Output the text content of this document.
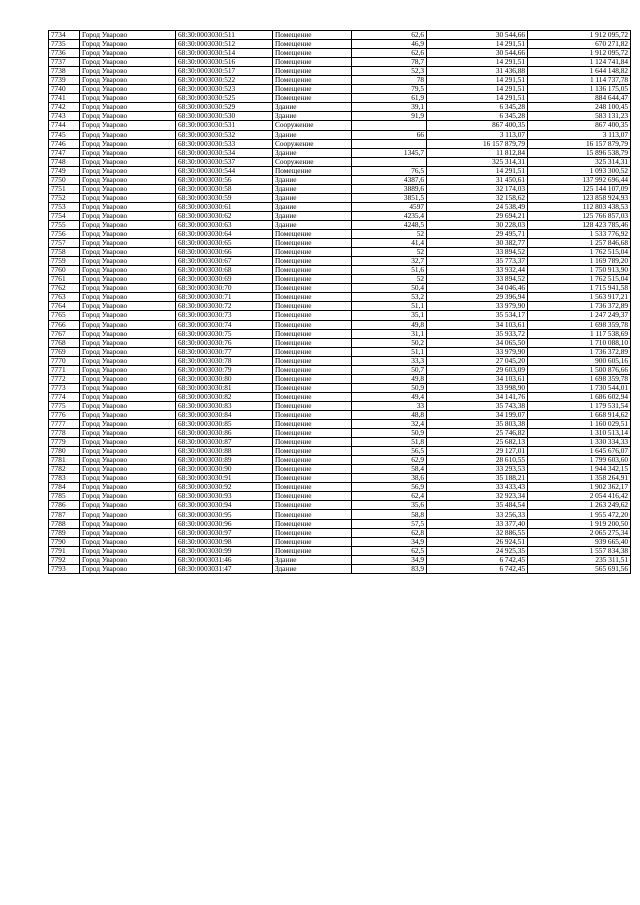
7734	Город Уварово	68:30:0003030:511	Помещение	62,6	30 544,66	1 912 095,72
7735	Город Уварово	68:30:0003030:512	Помещение	46,9	14 291,51	670 271,82
7736	Город Уварово	68:30:0003030:514	Помещение	62,6	30 544,66	1 912 095,72
7737	Город Уварово	68:30:0003030:516	Помещение	78,7	14 291,51	1 124 741,84
7738	Город Уварово	68:30:0003030:517	Помещение	52,3	31 436,88	1 644 148,82
7739	Город Уварово	68:30:0003030:522	Помещение	78	14 291,51	1 114 737,78
7740	Город Уварово	68:30:0003030:523	Помещение	79,5	14 291,51	1 136 175,05
7741	Город Уварово	68:30:0003030:525	Помещение	61,9	14 291,51	884 644,47
7742	Город Уварово	68:30:0003030:529	Здание	39,1	6 345,28	248 100,45
7743	Город Уварово	68:30:0003030:530	Здание	91,9	6 345,28	583 131,23
7744	Город Уварово	68:30:0003030:531	Сооружение		867 400,35	867 400,35
7745	Город Уварово	68:30:0003030:532	Здание	66	3 113,07	3 113,07
7746	Город Уварово	68:30:0003030:533	Сооружение		16 157 879,79	16 157 879,79
7747	Город Уварово	68:30:0003030:534	Здание	1345,7	11 812,84	15 896 538,79
7748	Город Уварово	68:30:0003030:537	Сооружение		325 314,31	325 314,31
7749	Город Уварово	68:30:0003030:544	Помещение	76,5	14 291,51	1 093 300,52
7750	Город Уварово	68:30:0003030:56	Здание	4387,6	31 450,61	137 992 696,44
7751	Город Уварово	68:30:0003030:58	Здание	3889,6	32 174,03	125 144 107,09
7752	Город Уварово	68:30:0003030:59	Здание	3851,5	32 158,62	123 858 924,93
7753	Город Уварово	68:30:0003030:61	Здание	4597	24 538,49	112 803 438,53
7754	Город Уварово	68:30:0003030:62	Здание	4235,4	29 694,21	125 766 857,03
7755	Город Уварово	68:30:0003030:63	Здание	4248,5	30 228,03	128 423 785,46
7756	Город Уварово	68:30:0003030:64	Помещение	52	29 495,71	1 533 776,92
7757	Город Уварово	68:30:0003030:65	Помещение	41,4	30 382,77	1 257 846,68
7758	Город Уварово	68:30:0003030:66	Помещение	52	33 894,52	1 762 515,04
7759	Город Уварово	68:30:0003030:67	Помещение	32,7	35 773,37	1 169 789,20
7760	Город Уварово	68:30:0003030:68	Помещение	51,6	33 932,44	1 750 913,90
7761	Город Уварово	68:30:0003030:69	Помещение	52	33 894,52	1 762 515,04
7762	Город Уварово	68:30:0003030:70	Помещение	50,4	34 046,46	1 715 941,58
7763	Город Уварово	68:30:0003030:71	Помещение	53,2	29 396,94	1 563 917,21
7764	Город Уварово	68:30:0003030:72	Помещение	51,1	33 979,90	1 736 372,89
7765	Город Уварово	68:30:0003030:73	Помещение	35,1	35 534,17	1 247 249,37
7766	Город Уварово	68:30:0003030:74	Помещение	49,8	34 103,61	1 698 359,78
7767	Город Уварово	68:30:0003030:75	Помещение	31,1	35 933,72	1 117 538,69
7768	Город Уварово	68:30:0003030:76	Помещение	50,2	34 065,50	1 710 088,10
7769	Город Уварово	68:30:0003030:77	Помещение	51,1	33 979,90	1 736 372,89
7770	Город Уварово	68:30:0003030:78	Помещение	33,3	27 045,20	900 605,16
7771	Город Уварово	68:30:0003030:79	Помещение	50,7	29 603,09	1 500 876,66
7772	Город Уварово	68:30:0003030:80	Помещение	49,8	34 103,61	1 698 359,78
7773	Город Уварово	68:30:0003030:81	Помещение	50,9	33 998,90	1 730 544,01
7774	Город Уварово	68:30:0003030:82	Помещение	49,4	34 141,76	1 686 602,94
7775	Город Уварово	68:30:0003030:83	Помещение	33	35 743,38	1 179 531,54
7776	Город Уварово	68:30:0003030:84	Помещение	48,8	34 199,07	1 668 914,62
7777	Город Уварово	68:30:0003030:85	Помещение	32,4	35 803,38	1 160 029,51
7778	Город Уварово	68:30:0003030:86	Помещение	50,9	25 746,82	1 310 513,14
7779	Город Уварово	68:30:0003030:87	Помещение	51,8	25 682,13	1 330 334,33
7780	Город Уварово	68:30:0003030:88	Помещение	56,5	29 127,01	1 645 676,07
7781	Город Уварово	68:30:0003030:89	Помещение	62,9	28 610,55	1 799 603,60
7782	Город Уварово	68:30:0003030:90	Помещение	58,4	33 293,53	1 944 342,15
7783	Город Уварово	68:30:0003030:91	Помещение	38,6	35 188,21	1 358 264,91
7784	Город Уварово	68:30:0003030:92	Помещение	56,9	33 433,43	1 902 362,17
7785	Город Уварово	68:30:0003030:93	Помещение	62,4	32 923,34	2 054 416,42
7786	Город Уварово	68:30:0003030:94	Помещение	35,6	35 484,54	1 263 249,62
7787	Город Уварово	68:30:0003030:95	Помещение	58,8	33 256,33	1 955 472,20
7788	Город Уварово	68:30:0003030:96	Помещение	57,5	33 377,40	1 919 200,50
7789	Город Уварово	68:30:0003030:97	Помещение	62,8	32 886,55	2 065 275,34
7790	Город Уварово	68:30:0003030:98	Помещение	34,9	26 924,51	939 665,40
7791	Город Уварово	68:30:0003030:99	Помещение	62,5	24 925,35	1 557 834,38
7792	Город Уварово	68:30:0003031:46	Здание	34,9	6 742,45	235 311,51
7793	Город Уварово	68:30:0003031:47	Здание	83,9	6 742,45	565 691,56
